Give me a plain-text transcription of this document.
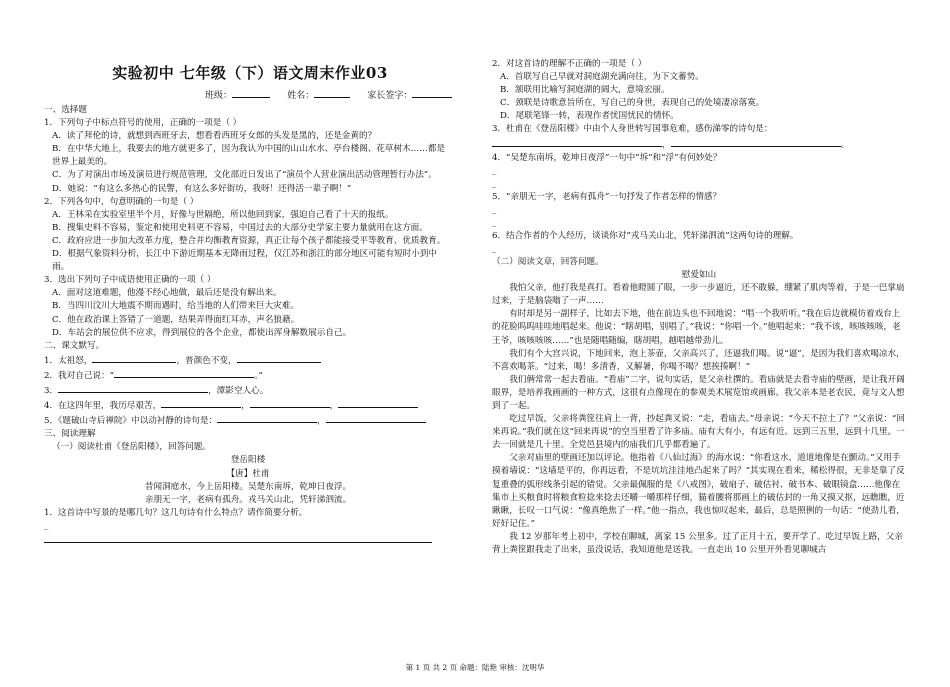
实验初中 七年级（下）语文周末作业03
班级：	姓名：	家长签字：

一、选择题

1．下列句子中标点符号的使用，正确的一项是（ ）

A．读了拜伦的诗，就想到西班牙去，想看看西班牙女郎的头发是黑的，还是金黄的？

B．在中华大地上，我要去的地方就更多了，因为我认为中国的山山水水、亭台楼阁、花草树木……都是世界上最美的。

C．为了对演出市场及演员进行规范管理，文化部近日发出了“演员个人营业演出活动管理暂行办法”。

D．她说：“有这么多热心的民警，有这么多好街坊，我呀！还得活一辈子啊！”

2．下列各句中，句意明确的一句是（ ）

A．王林采在实验室里半个月，好像与世隔绝，所以他回到家，强迫自己看了十天的报纸。

B．搜集史料不容易，鉴定和使用史料更不容易，中国过去的大部分史学家主要力量就用在这方面。

C．政府应进一步加大改革力度，整合并均衡教育资源，真正让每个孩子都能接受平等教育、优质教育。

D．根据气象资料分析，长江中下游近期基本无降雨过程，仅江苏和浙江的部分地区可能有短时小到中雨。

3．选出下列句子中成语使用正确的一项（ ）

A．面对这道难题，他漫不经心地做，最后还是没有解出来。

B．当四川汶川大地震不期而遇时，给当地的人们带来巨大灾难。

C．他在政治课上答错了一道题，结果弄得面红耳赤，声名狼藉。

D．车站会的展位供不应求，得到展位的各个企业，都使出浑身解数展示自己。

二、课文默写。

1．太祖怒，	，普颜色不变，

2．我对自己说：“	。”

3．	，潭影空人心。

4．在这四年里，我历尽艰苦，	，	，

5．《题破山寺后禅院》中以动衬静的诗句是：	，

三、阅读理解

（一）阅读杜甫《登岳阳楼》，回答问题。

登岳阳楼

【唐】杜甫

昔闻洞庭水，今上岳阳楼。吴楚东南坼，乾坤日夜浮。

亲朋无一字，老病有孤舟。戎马关山北，凭轩涕泗流。

1．这首诗中写景的是哪几句？这几句诗有什么特点？请作简要分析。

_

2．对这首诗的理解不正确的一项是（ ）

A．首联写自己早就对洞庭湖充满向往，为下文蓄势。

B．颔联用比喻写洞庭湖的阔大，意境宏丽。

C．颈联是诗歌意旨所在，写自己的身世，表现自己的处境凄凉落寞。

D．尾联笔锋一转，表现作者忧国忧民的情怀。

3．杜甫在《登岳阳楼》中由个人身世转写国事危难，感伤涕零的诗句是：

，	。

4．“吴楚东南坼，乾坤日夜浮”一句中“坼”和“浮”有何妙处？

_

_

5．“亲朋无一字，老病有孤舟”一句抒发了作者怎样的情感？

_

_

6．结合作者的个人经历，谈谈你对“戎马关山北，凭轩涕泗流”这两句诗的理解。

_

（二）阅读文章，回答问题。

慰爱如山

我怕父亲，他打我是真打。看着他瞪圆了眼，一步一步逼近，还不敢躲，绷紧了肌肉等着，于是一巴掌扇过来，于是脑袋嗡了一声……

有时却是另一副样子，比如去下地，他在前边头也不回地说：“唱一个我听听。”我在后边就模仿着戏台上的花脸呜呜哇哇地唱起来。他说：“瞎胡唱，别唱了。”我说：“你唱一个。”他唱起来：“我不该，咳咳咳咳，老王爷，咳咳咳咳……”也是随唱随编，瞎胡唱，越唱越带劲儿。

我们有个大宫兴说，下地回来，泡上茶壶，父亲高兴了，还逼我们喝。说“逼”，是因为我们喜欢喝凉水，不喜欢喝茶。“过来，喝！多清香，又解暑，你喝不喝？想挨揍啊！”

我们俩常常一起去看庙。“看庙”二字，说句实话，是父亲杜撰的。看庙就是去看寺庙的壁画，是让我开阔眼界，是培养我画画的一种方式，这很有点像现在的参观美术展览馆或画廊。我父亲本是老农民，竟与文人想到了一起。

吃过早饭，父亲将粪筐往肩上一背，抄起粪叉说：“走，看庙去。”母亲说：“今天不拉土了？”父亲说：“回来再说。”我们就在这“回来再说”的空当里看了许多庙。庙有大有小，有远有近。远到三五里，远到十几里。一去一回就是几十里。全党邑县境内的庙我们几乎都看遍了。

父亲对庙里的壁画还加以评论。他指着《八仙过海》的海水说：“你看这水，道道地像是在颤动。”又用手摸着墙说：“这墙是平的，你再远看，不是坑坑洼洼地凸起来了吗？”其实现在看来，稀松得很，无非是靠了反复重叠的弧形线条引起的错觉。父亲最佩服的是《八戒图》，破扇子、破估衬、破书本、破眼镜盒……他像在集市上买粮食时将粮食粒捻来捻去还嚼一嚼那样仔细，猫着腰将那画上的破估封的一角又摸又抠，远瞧瞧，近瞅瞅，长叹一口气说：“像真绝焦了一样。”他一指点，我也惊叹起来，最后，总是照例的一句话：“使劲儿看，好好记住。”

我 12 岁那年考上初中，学校在聊城，离家 15 公里多。过了正月十五，要开学了。吃过早饭上路，父亲背上粪筐跟我走了出来，虽没说话，我知道他是送我。一直走出 10 公里开外看见聊城古

第 1 页 共 2 页 命题：陆艳 审核：沈明华
